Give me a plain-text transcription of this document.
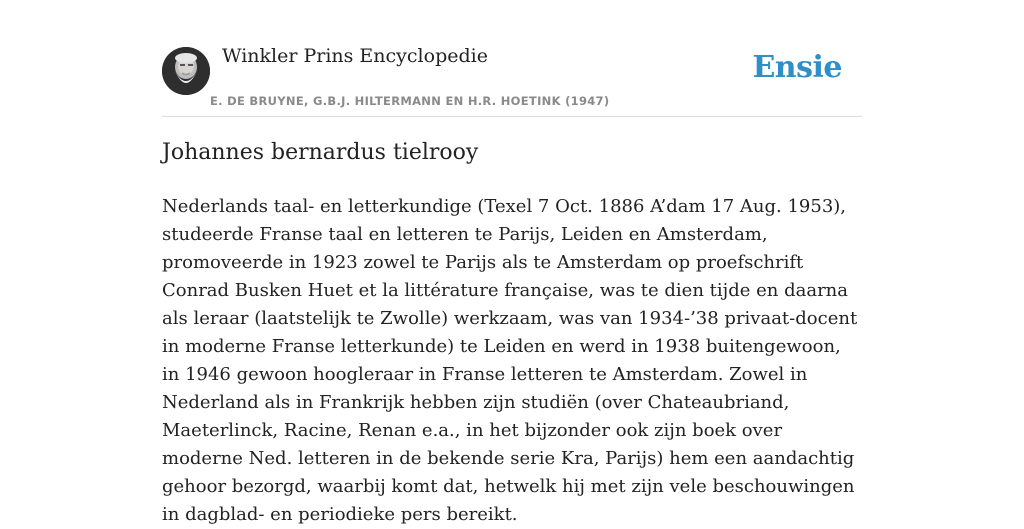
Winkler Prins Encyclopedie
E. DE BRUYNE, G.B.J. HILTERMANN EN H.R. HOETINK (1947)
Ensie
Johannes bernardus tielrooy

Nederlands taal- en letterkundige (Texel 7 Oct. 1886 A’dam 17 Aug. 1953), studeerde Franse taal en letteren te Parijs, Leiden en Amsterdam, promoveerde in 1923 zowel te Parijs als te Amsterdam op proefschrift Conrad Busken Huet et la littérature française, was te dien tijde en daarna als leraar (laatstelijk te Zwolle) werkzaam, was van 1934-’38 privaat-docent in moderne Franse letterkunde) te Leiden en werd in 1938 buitengewoon, in 1946 gewoon hoogleraar in Franse letteren te Amsterdam. Zowel in Nederland als in Frankrijk hebben zijn studiën (over Chateaubriand, Maeterlinck, Racine, Renan e.a., in het bijzonder ook zijn boek over moderne Ned. letteren in de bekende serie Kra, Parijs) hem een aandachtig gehoor bezorgd, waarbij komt dat, hetwelk hij met zijn vele beschouwingen in dagblad- en periodieke pers bereikt.
